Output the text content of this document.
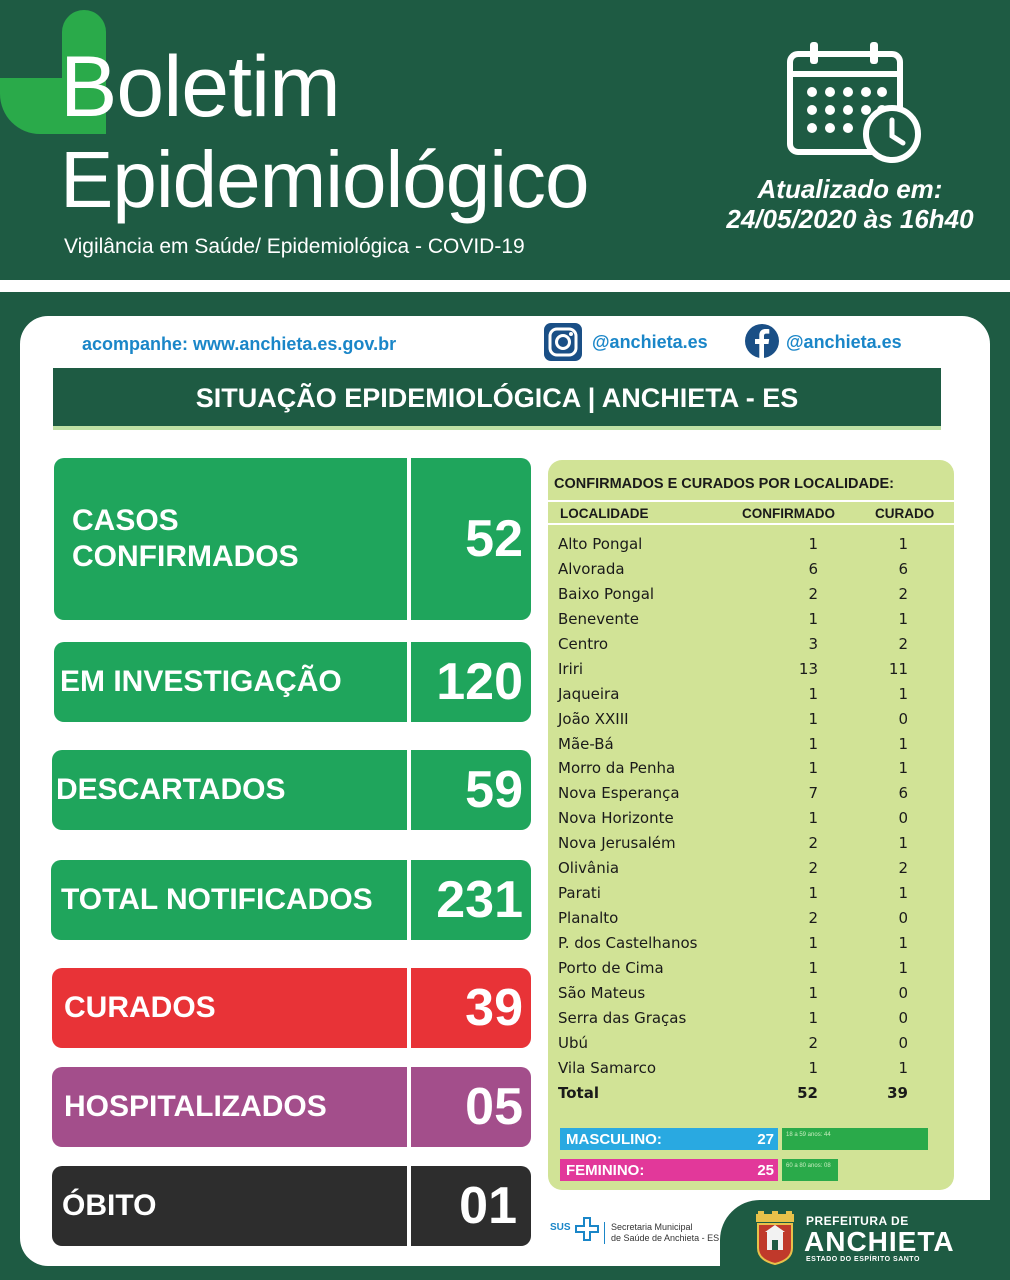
Boletim
Epidemiológico
Vigilância em Saúde/ Epidemiológica - COVID-19
Atualizado em:
24/05/2020 às 16h40
acompanhe: www.anchieta.es.gov.br	@anchieta.es	@anchieta.es
SITUAÇÃO EPIDEMIOLÓGICA | ANCHIETA - ES
CASOS
CONFIRMADOS	52
EM INVESTIGAÇÃO	120
DESCARTADOS	59
TOTAL NOTIFICADOS	231
CURADOS	39
HOSPITALIZADOS	05
ÓBITO	01
CONFIRMADOS E CURADOS POR LOCALIDADE:
LOCALIDADE	CONFIRMADO	CURADO
Alto Pongal	1	1
Alvorada	6	6
Baixo Pongal	2	2
Benevente	1	1
Centro	3	2
Iriri	13	11
Jaqueira	1	1
João XXIII	1	0
Mãe-Bá	1	1
Morro da Penha	1	1
Nova Esperança	7	6
Nova Horizonte	1	0
Nova Jerusalém	2	1
Olivânia	2	2
Parati	1	1
Planalto	2	0
P. dos Castelhanos	1	1
Porto de Cima	1	1
São Mateus	1	0
Serra das Graças	1	0
Ubú	2	0
Vila Samarco	1	1
Total	52	39
MASCULINO:	27	18 a 59 anos: 44
FEMININO:	25	60 a 80 anos: 08
SUS	Secretaria Municipal
de Saúde de Anchieta - ES
PREFEITURA DE
ANCHIETA
ESTADO DO ESPÍRITO SANTO
